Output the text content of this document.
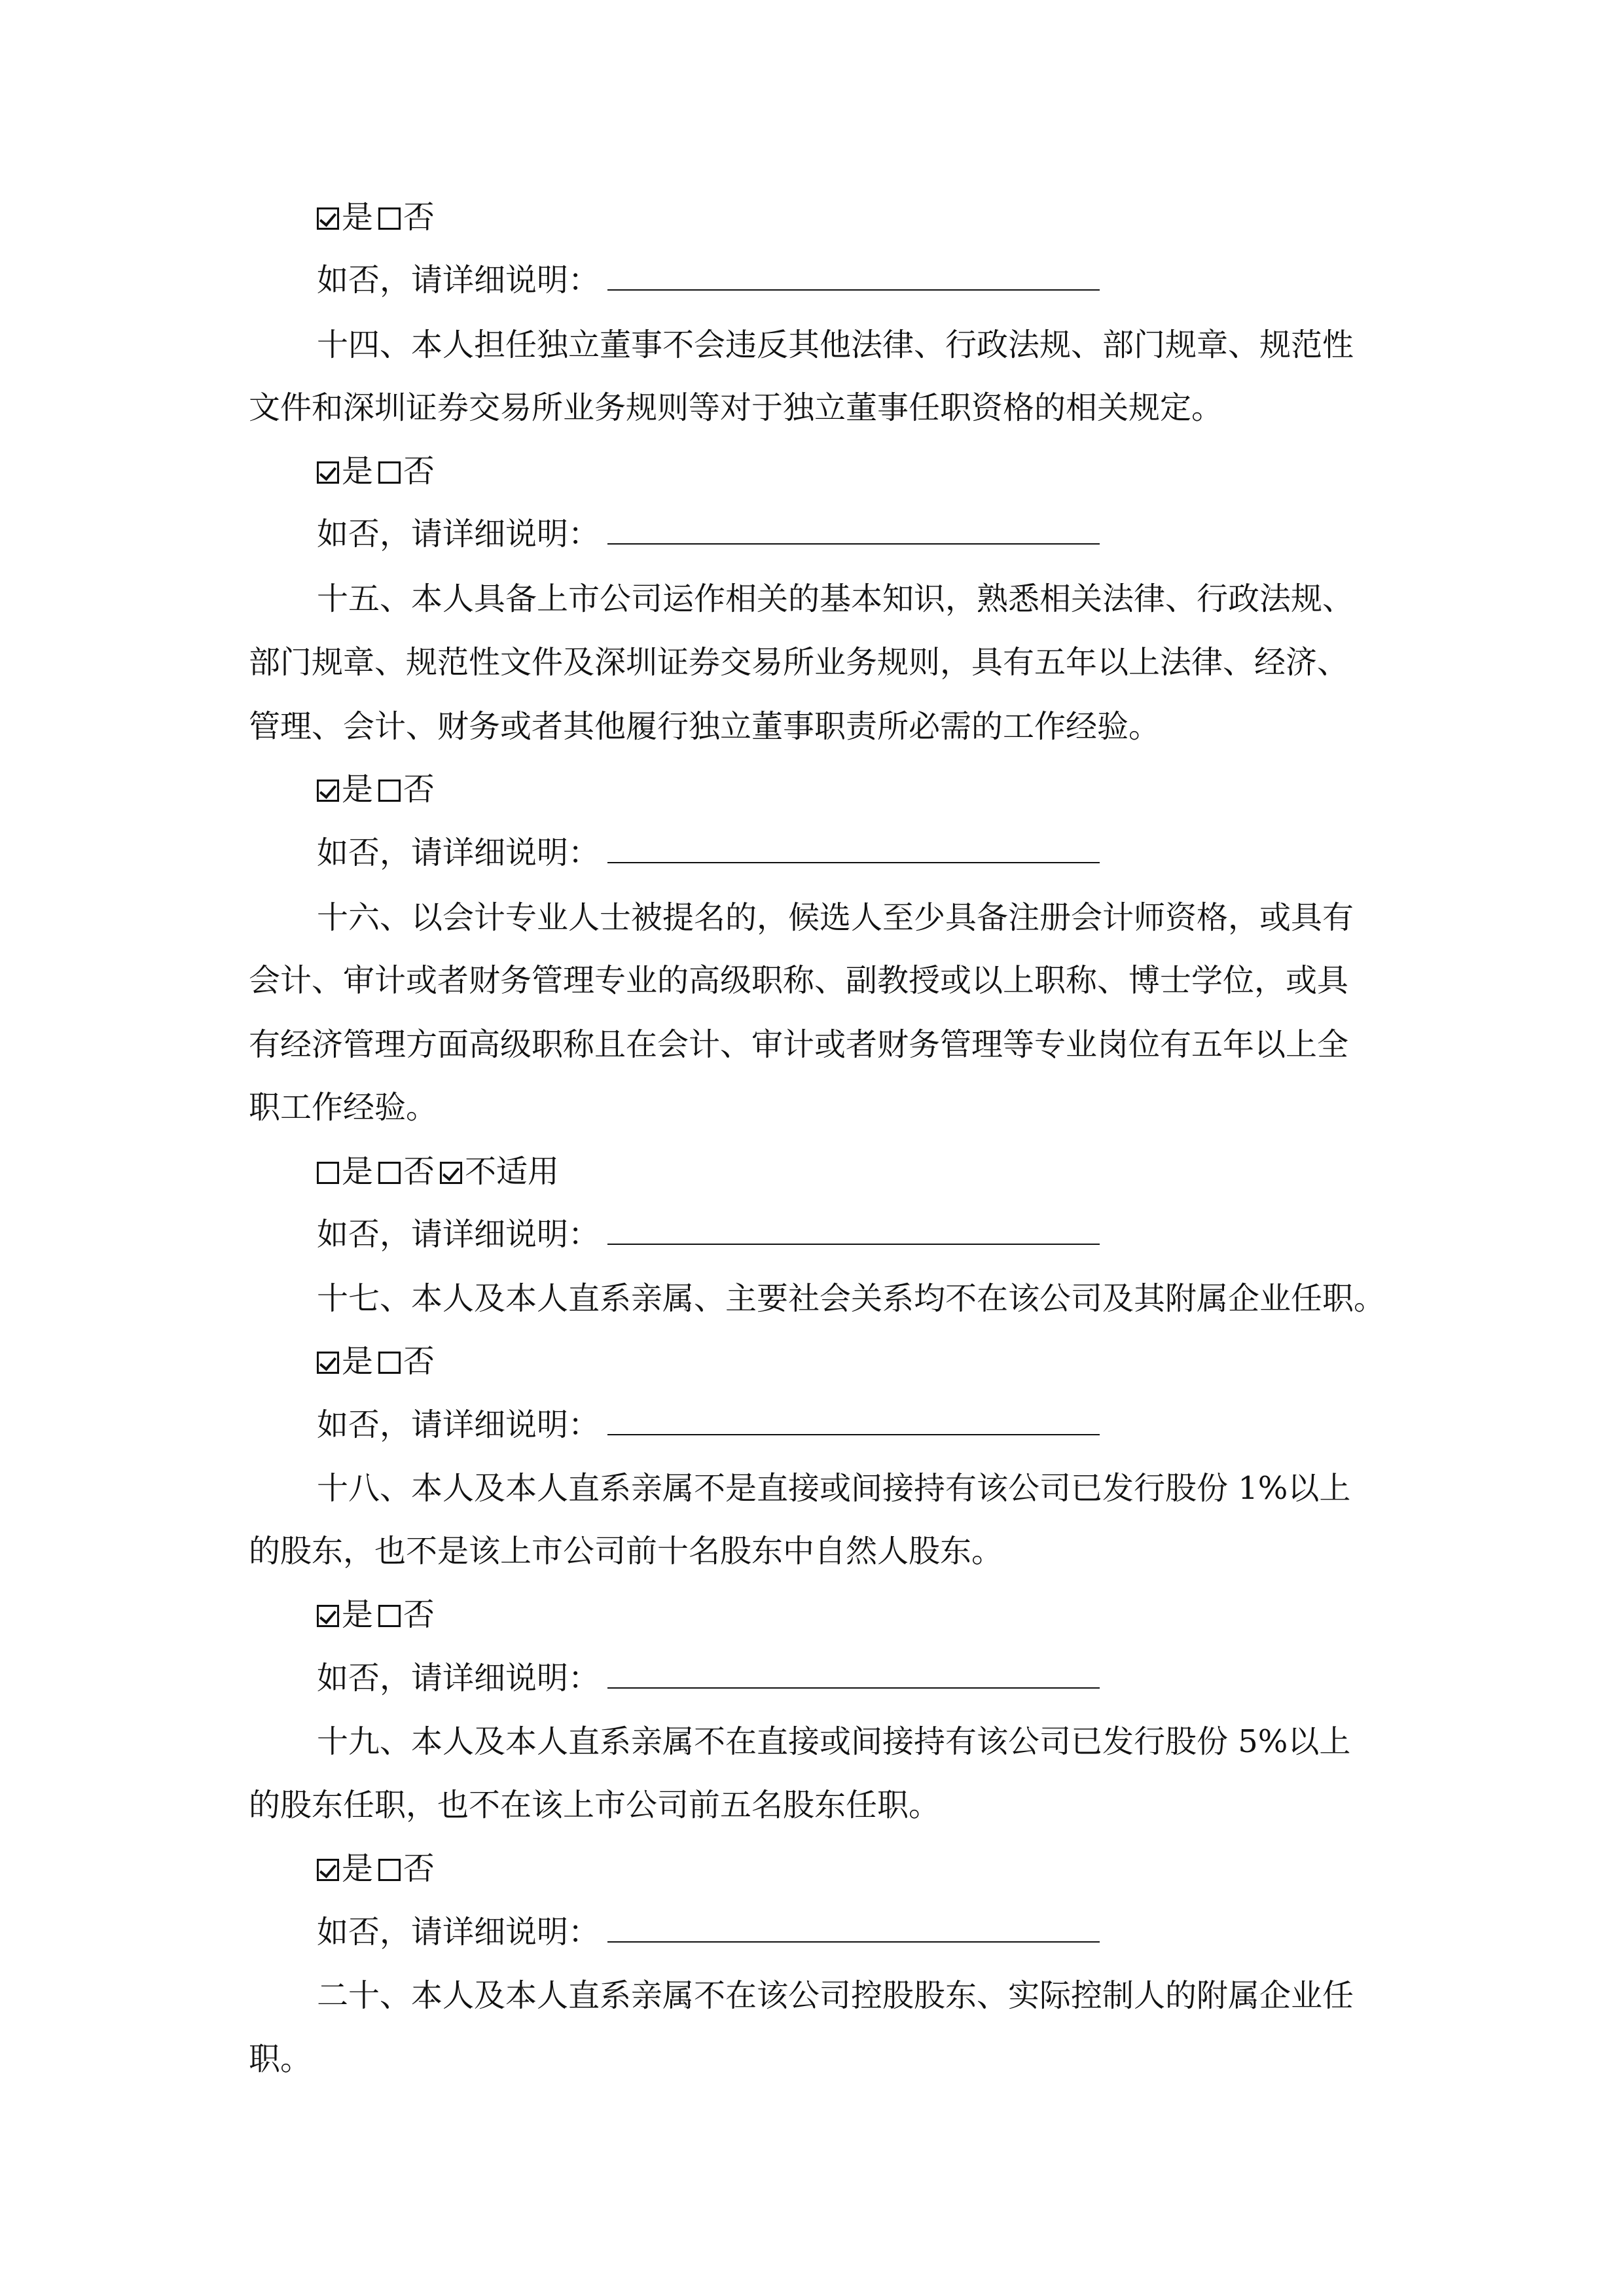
是 否
如否，请详细说明：
十四、本人担任独立董事不会违反其他法律、行政法规、部门规章、规范性
文件和深圳证券交易所业务规则等对于独立董事任职资格的相关规定。
是 否
如否，请详细说明：
十五、本人具备上市公司运作相关的基本知识，熟悉相关法律、行政法规、
部门规章、规范性文件及深圳证券交易所业务规则，具有五年以上法律、经济、
管理、会计、财务或者其他履行独立董事职责所必需的工作经验。
是 否
如否，请详细说明：
十六、以会计专业人士被提名的，候选人至少具备注册会计师资格，或具有
会计、审计或者财务管理专业的高级职称、副教授或以上职称、博士学位，或具
有经济管理方面高级职称且在会计、审计或者财务管理等专业岗位有五年以上全
职工作经验。
是 否 不适用
如否，请详细说明：
十七、本人及本人直系亲属、主要社会关系均不在该公司及其附属企业任职。
是 否
如否，请详细说明：
十八、本人及本人直系亲属不是直接或间接持有该公司已发行股份 1%以上
的股东，也不是该上市公司前十名股东中自然人股东。
是 否
如否，请详细说明：
十九、本人及本人直系亲属不在直接或间接持有该公司已发行股份 5%以上
的股东任职，也不在该上市公司前五名股东任职。
是 否
如否，请详细说明：
二十、本人及本人直系亲属不在该公司控股股东、实际控制人的附属企业任
职。
